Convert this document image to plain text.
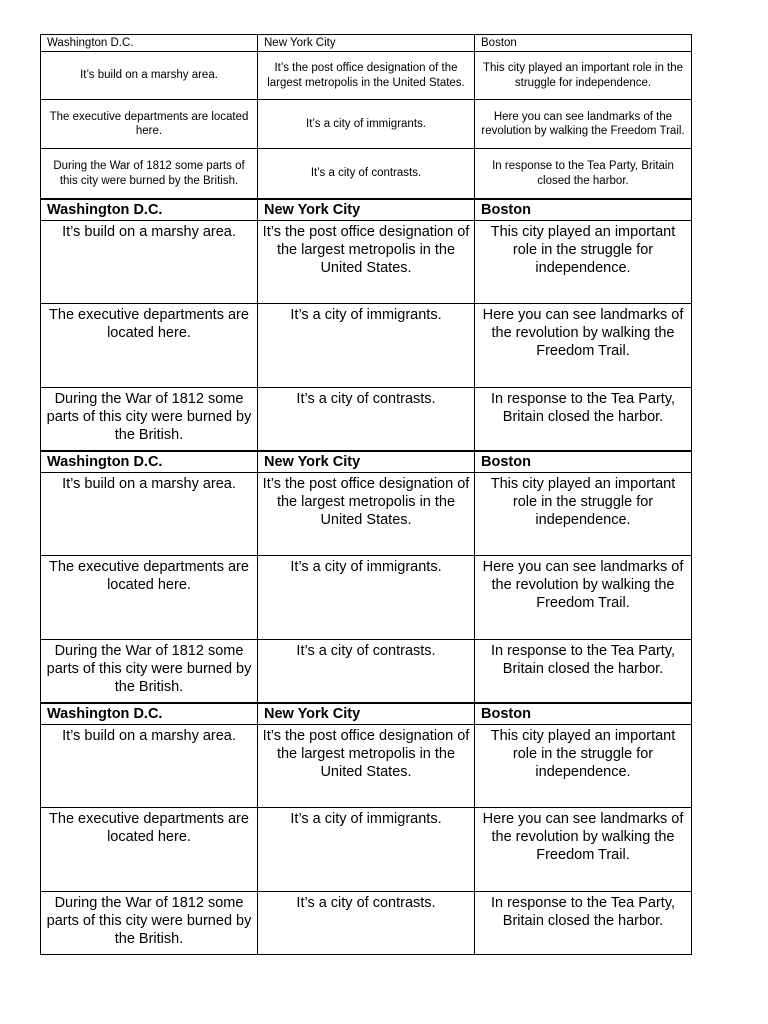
Washington D.C.	New York City	Boston
It’s build on a marshy area.	It’s the post office designation of the largest metropolis in the United States.	This city played an important role in the struggle for independence.
The executive departments are located here.	It’s a city of immigrants.	Here you can see landmarks of the revolution by walking the Freedom Trail.
During the War of 1812 some parts of this city were burned by the British.	It’s a city of contrasts.	In response to the Tea Party, Britain closed the harbor.
Washington D.C.	New York City	Boston
It’s build on a marshy area.	It’s the post office designation of the largest metropolis in the United States.	This city played an important role in the struggle for independence.
The executive departments are located here.	It’s a city of immigrants.	Here you can see landmarks of the revolution by walking the Freedom Trail.
During the War of 1812 some parts of this city were burned by the British.	It’s a city of contrasts.	In response to the Tea Party, Britain closed the harbor.
Washington D.C.	New York City	Boston
It’s build on a marshy area.	It’s the post office designation of the largest metropolis in the United States.	This city played an important role in the struggle for independence.
The executive departments are located here.	It’s a city of immigrants.	Here you can see landmarks of the revolution by walking the Freedom Trail.
During the War of 1812 some parts of this city were burned by the British.	It’s a city of contrasts.	In response to the Tea Party, Britain closed the harbor.
Washington D.C.	New York City	Boston
It’s build on a marshy area.	It’s the post office designation of the largest metropolis in the United States.	This city played an important role in the struggle for independence.
The executive departments are located here.	It’s a city of immigrants.	Here you can see landmarks of the revolution by walking the Freedom Trail.
During the War of 1812 some parts of this city were burned by the British.	It’s a city of contrasts.	In response to the Tea Party, Britain closed the harbor.
